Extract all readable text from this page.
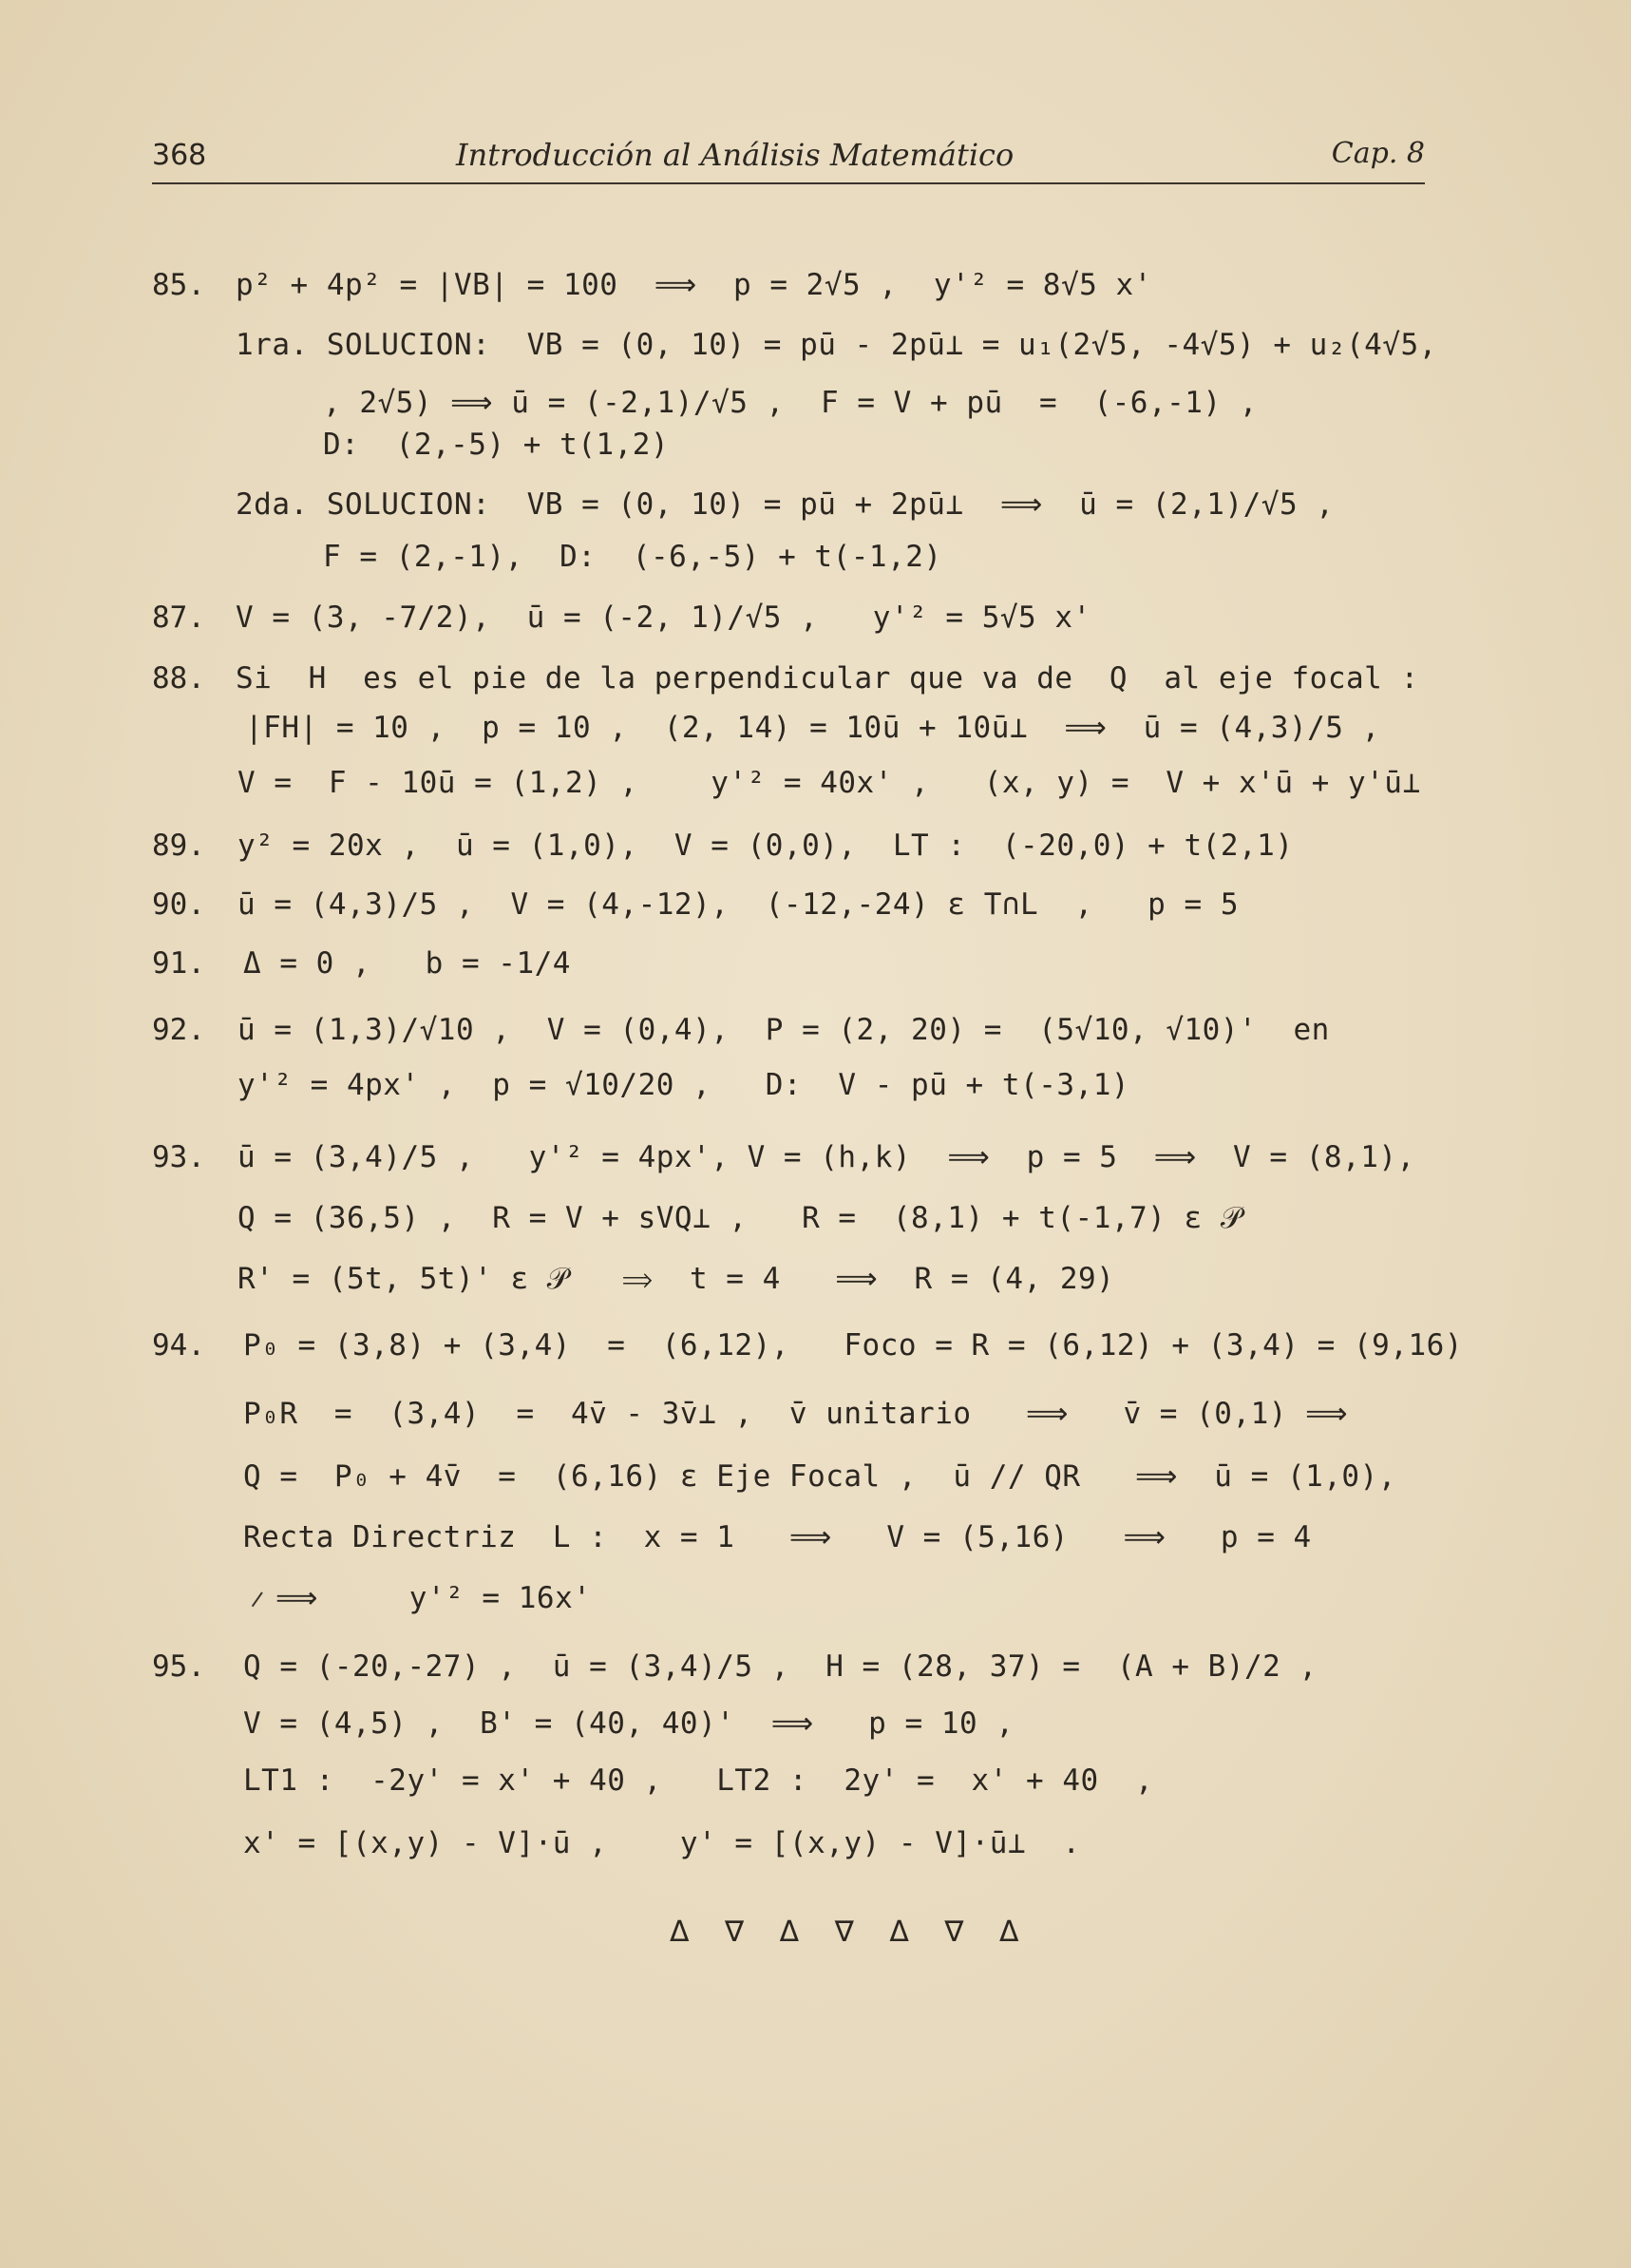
368	Introducción al Análisis Matemático	Cap. 8
85. p² + 4p² = |VB| = 100  ⟹  p = 2√5 ,  y'² = 8√5 x'
1ra. SOLUCION:  VB = (0, 10) = pū - 2pū⊥ = u₁(2√5, -4√5) + u₂(4√5,
, 2√5) ⟹ ū = (-2,1)/√5 ,  F = V + pū  =  (-6,-1) ,
D:  (2,-5) + t(1,2)
2da. SOLUCION:  VB = (0, 10) = pū + 2pū⊥  ⟹  ū = (2,1)/√5 ,
F = (2,-1),  D:  (-6,-5) + t(-1,2)
87. V = (3, -7/2),  ū = (-2, 1)/√5 ,   y'² = 5√5 x'
88. Si  H  es el pie de la perpendicular que va de  Q  al eje focal :
|FH| = 10 ,  p = 10 ,  (2, 14) = 10ū + 10ū⊥  ⟹  ū = (4,3)/5 ,
V =  F - 10ū = (1,2) ,    y'² = 40x' ,   (x, y) =  V + x'ū + y'ū⊥
89. y² = 20x ,  ū = (1,0),  V = (0,0),  LT :  (-20,0) + t(2,1)
90. ū = (4,3)/5 ,  V = (4,-12),  (-12,-24) ε T∩L  ,   p = 5
91. Δ = 0 ,   b = -1/4
92. ū = (1,3)/√10 ,  V = (0,4),  P = (2, 20) =  (5√10, √10)'  en
y'² = 4px' ,  p = √10/20 ,   D:  V - pū + t(-3,1)
93. ū = (3,4)/5 ,   y'² = 4px', V = (h,k)  ⟹  p = 5  ⟹  V = (8,1),
Q = (36,5) ,  R = V + sVQ⊥ ,   R =  (8,1) + t(-1,7) ε 𝒫
R' = (5t, 5t)' ε 𝒫   ⟹  t = 4   ⟹  R = (4, 29)
94. P₀ = (3,8) + (3,4)  =  (6,12),   Foco = R = (6,12) + (3,4) = (9,16)
P₀R  =  (3,4)  =  4v̄ - 3v̄⊥ ,  v̄ unitario   ⟹   v̄ = (0,1) ⟹
Q =  P₀ + 4v̄  =  (6,16) ε Eje Focal ,  ū // QR   ⟹  ū = (1,0),
Recta Directriz  L :  x = 1   ⟹   V = (5,16)   ⟹   p = 4
⟹     y'² = 16x'
95. Q = (-20,-27) ,  ū = (3,4)/5 ,  H = (28, 37) =  (A + B)/2 ,
V = (4,5) ,  B' = (40, 40)'  ⟹   p = 10 ,
LT1 :  -2y' = x' + 40 ,   LT2 :  2y' =  x' + 40  ,
x' = [(x,y) - V]·ū ,    y' = [(x,y) - V]·ū⊥  .
Δ ∇ Δ ∇ Δ ∇ Δ
